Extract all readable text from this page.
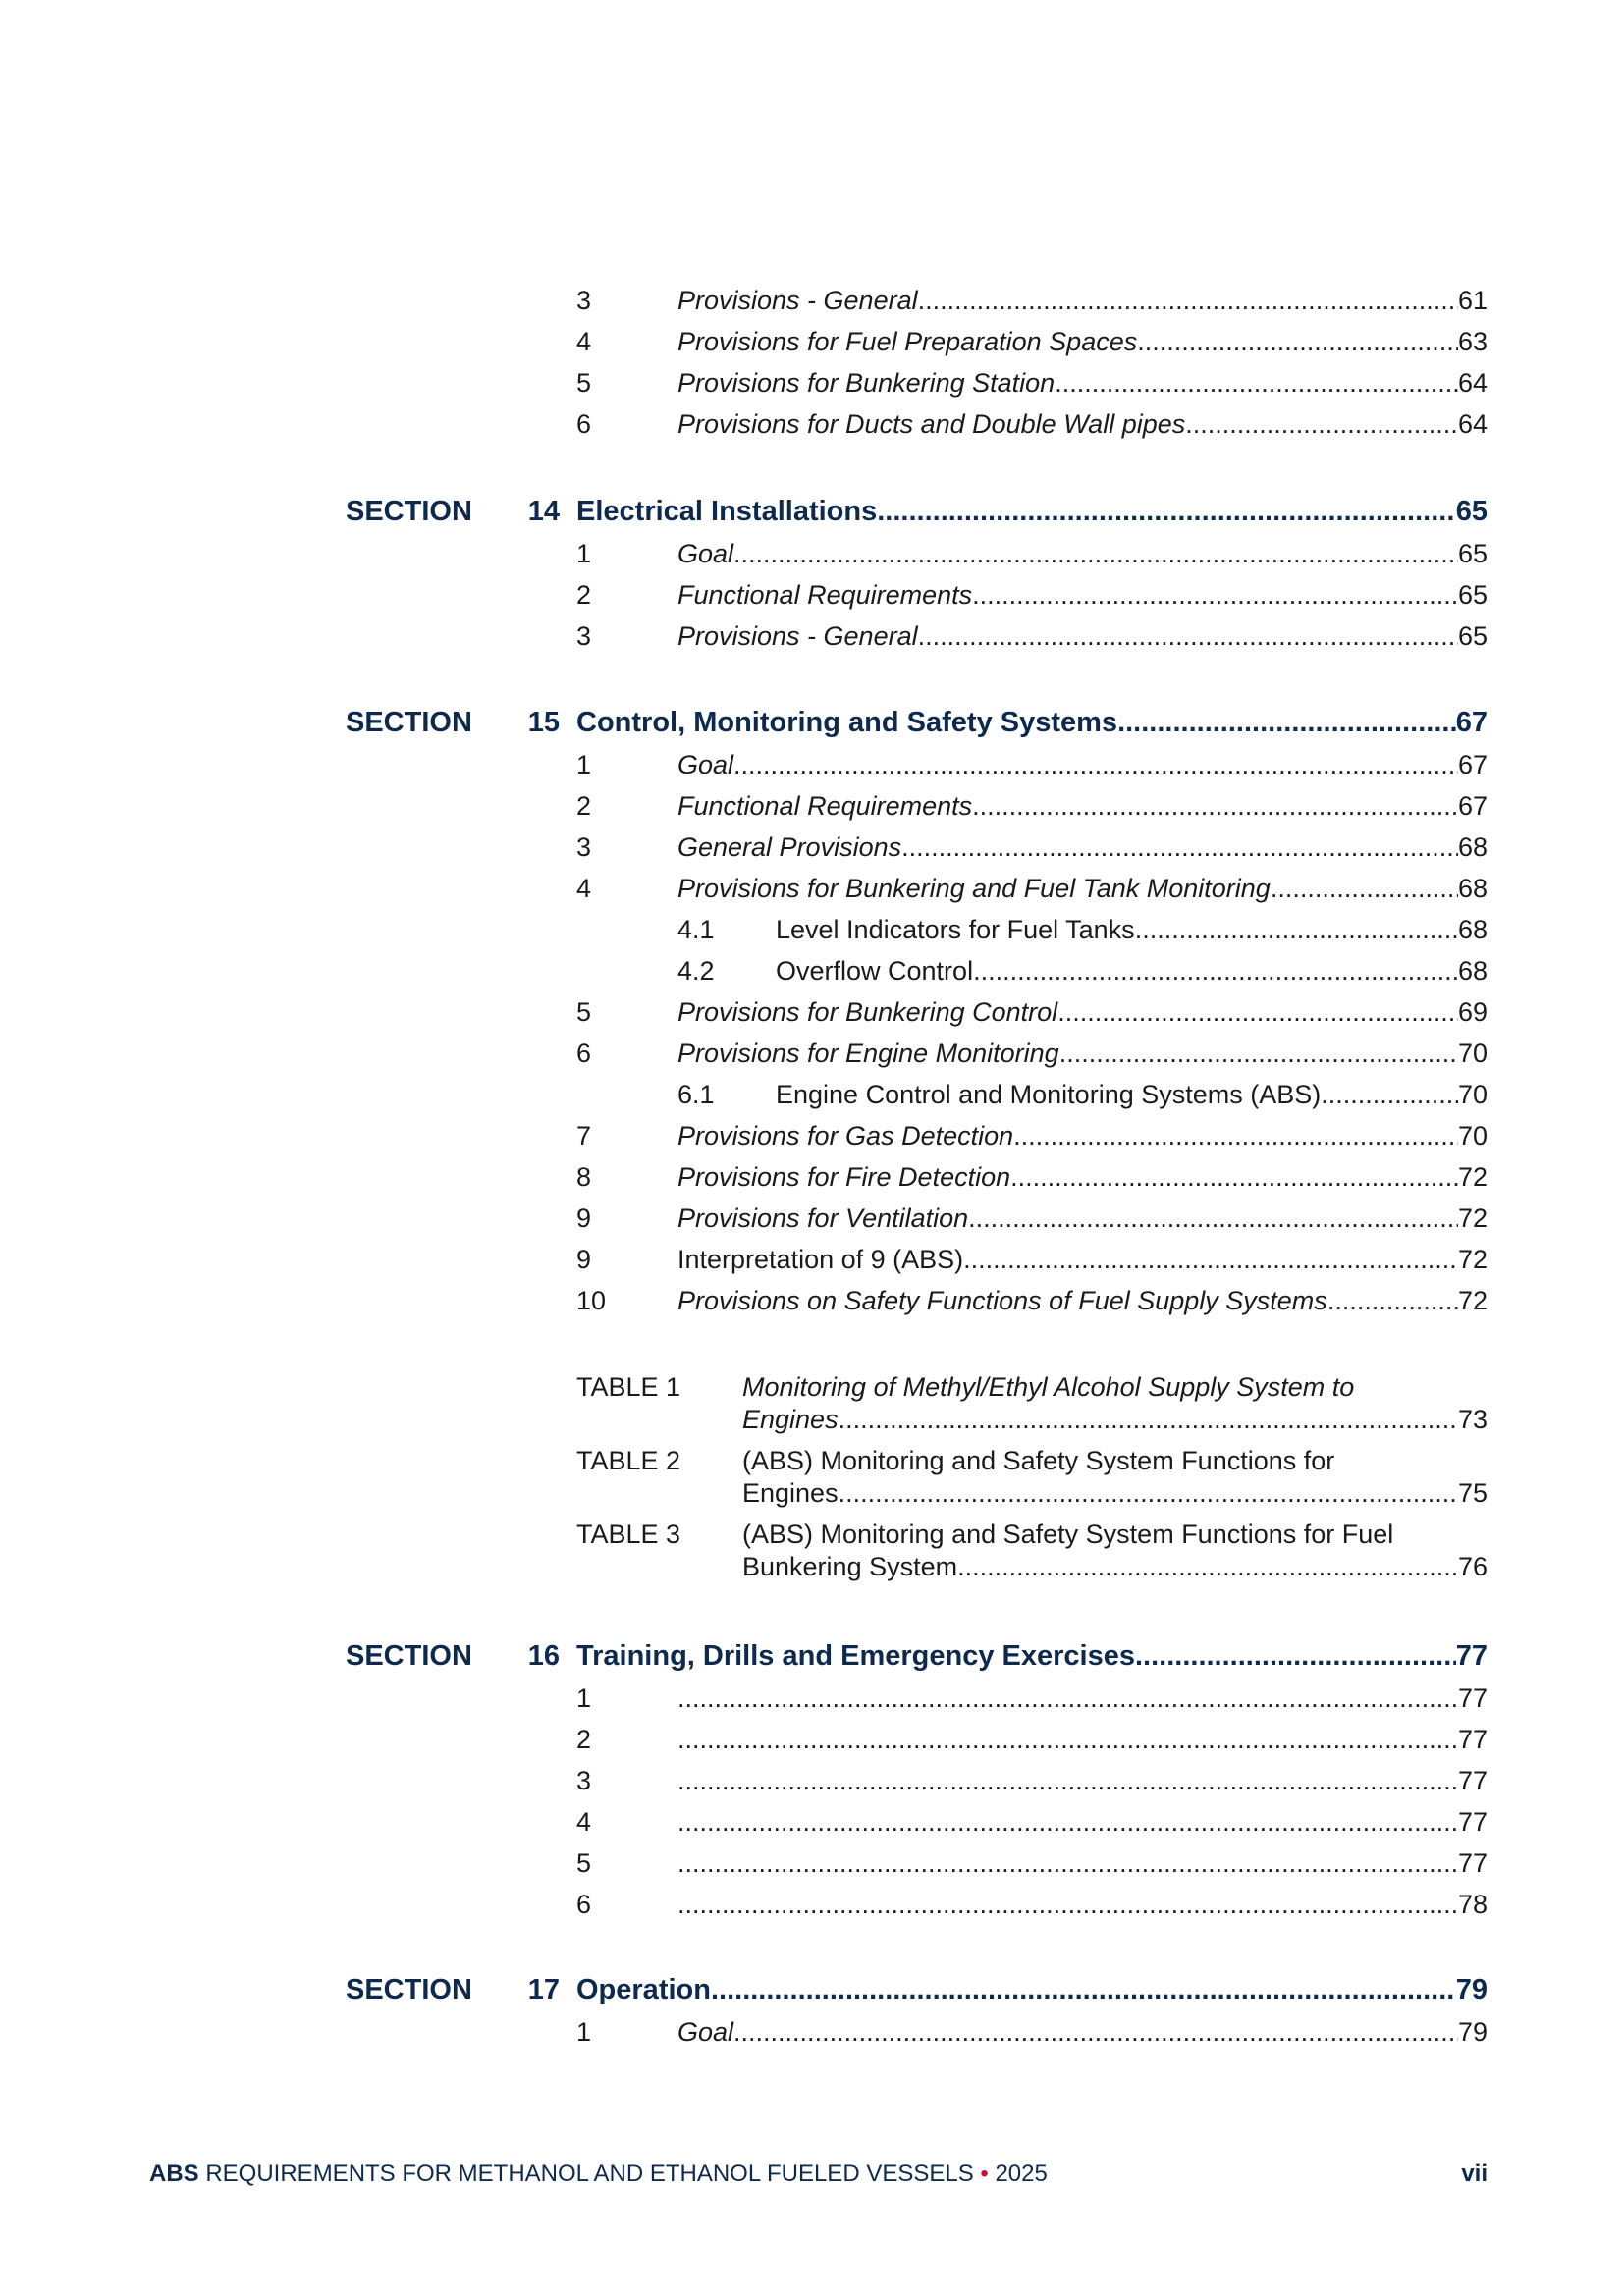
3	Provisions - General .....	61
4	Provisions for Fuel Preparation Spaces .....	63
5	Provisions for Bunkering Station .....	64
6	Provisions for Ducts and Double Wall pipes .....	64
SECTION	14 Electrical Installations .....	65
1	Goal .....	65
2	Functional Requirements .....	65
3	Provisions - General .....	65
SECTION	15 Control, Monitoring and Safety Systems .....	67
1	Goal .....	67
2	Functional Requirements .....	67
3	General Provisions .....	68
4	Provisions for Bunkering and Fuel Tank Monitoring .....	68
4.1 Level Indicators for Fuel Tanks .....	68
4.2 Overflow Control .....	68
5	Provisions for Bunkering Control .....	69
6	Provisions for Engine Monitoring .....	70
6.1 Engine Control and Monitoring Systems (ABS) .....	70
7	Provisions for Gas Detection .....	70
8	Provisions for Fire Detection .....	72
9	Provisions for Ventilation .....	72
9	Interpretation of 9 (ABS) .....	72
10	Provisions on Safety Functions of Fuel Supply Systems .....	72
TABLE 1 Monitoring of Methyl/Ethyl Alcohol Supply System to
Engines .....	73
TABLE 2 (ABS) Monitoring and Safety System Functions for
Engines .....	75
TABLE 3 (ABS) Monitoring and Safety System Functions for Fuel
Bunkering System .....	76
SECTION	16 Training, Drills and Emergency Exercises .....	77
1 .....	77
2 .....	77
3 .....	77
4 .....	77
5 .....	77
6 .....	78
SECTION	17 Operation .....	79
1	Goal .....	79
ABS REQUIREMENTS FOR METHANOL AND ETHANOL FUELED VESSELS • 2025	vii
